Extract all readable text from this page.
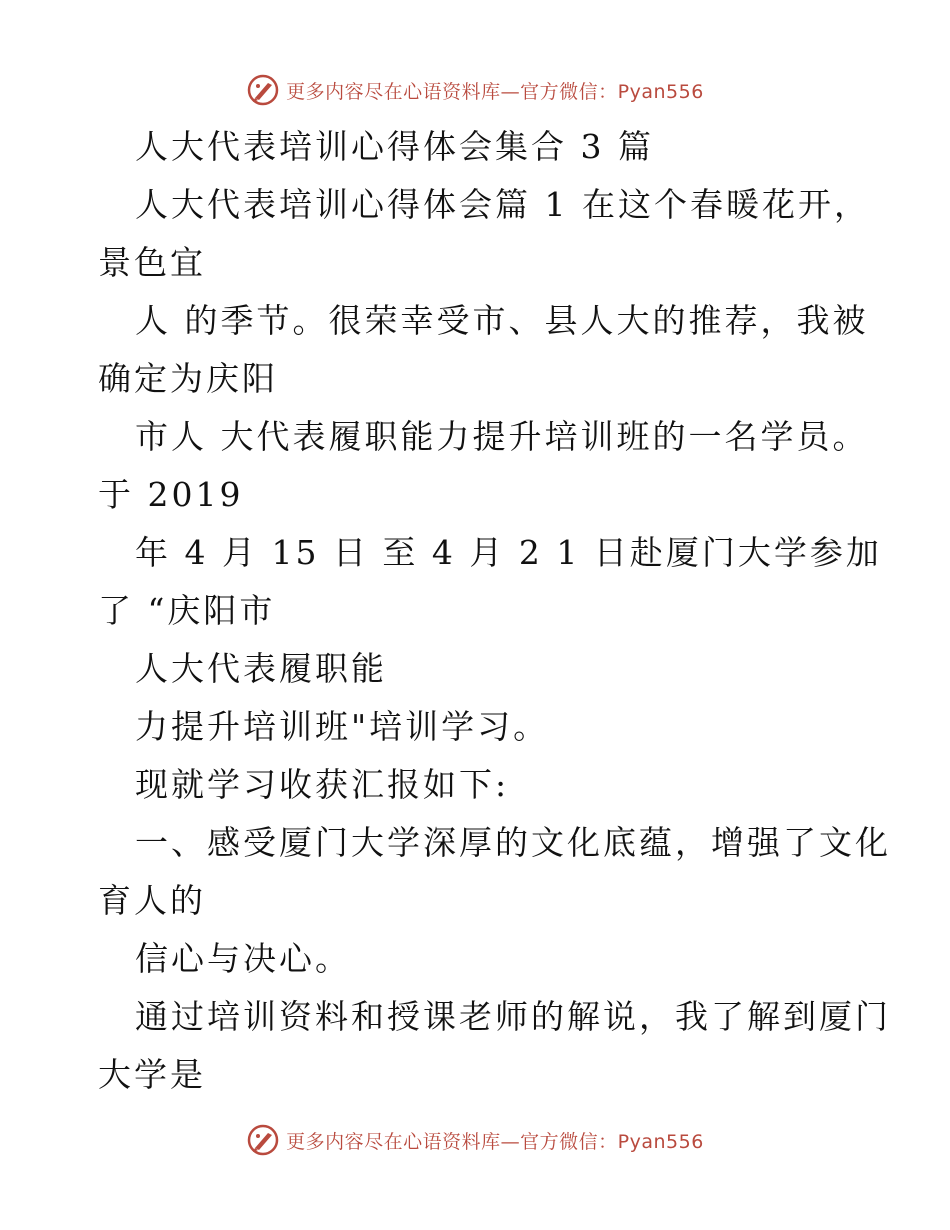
更多内容尽在心语资料库—官方微信：Pyan556
人大代表培训心得体会集合 3 篇
人大代表培训心得体会篇 1 在这个春暖花开，
景色宜
人 的季节。很荣幸受市、县人大的推荐，我被
确定为庆阳
市人 大代表履职能力提升培训班的一名学员。
于 2019
年 4 月 15 日 至 4 月 2 1 日赴厦门大学参加
了 “庆阳市
人大代表履职能
力提升培训班"培训学习。
现就学习收获汇报如下:
一、感受厦门大学深厚的文化底蕴，增强了文化
育人的
信心与决心。
通过培训资料和授课老师的解说，我了解到厦门
大学是
更多内容尽在心语资料库—官方微信：Pyan556
